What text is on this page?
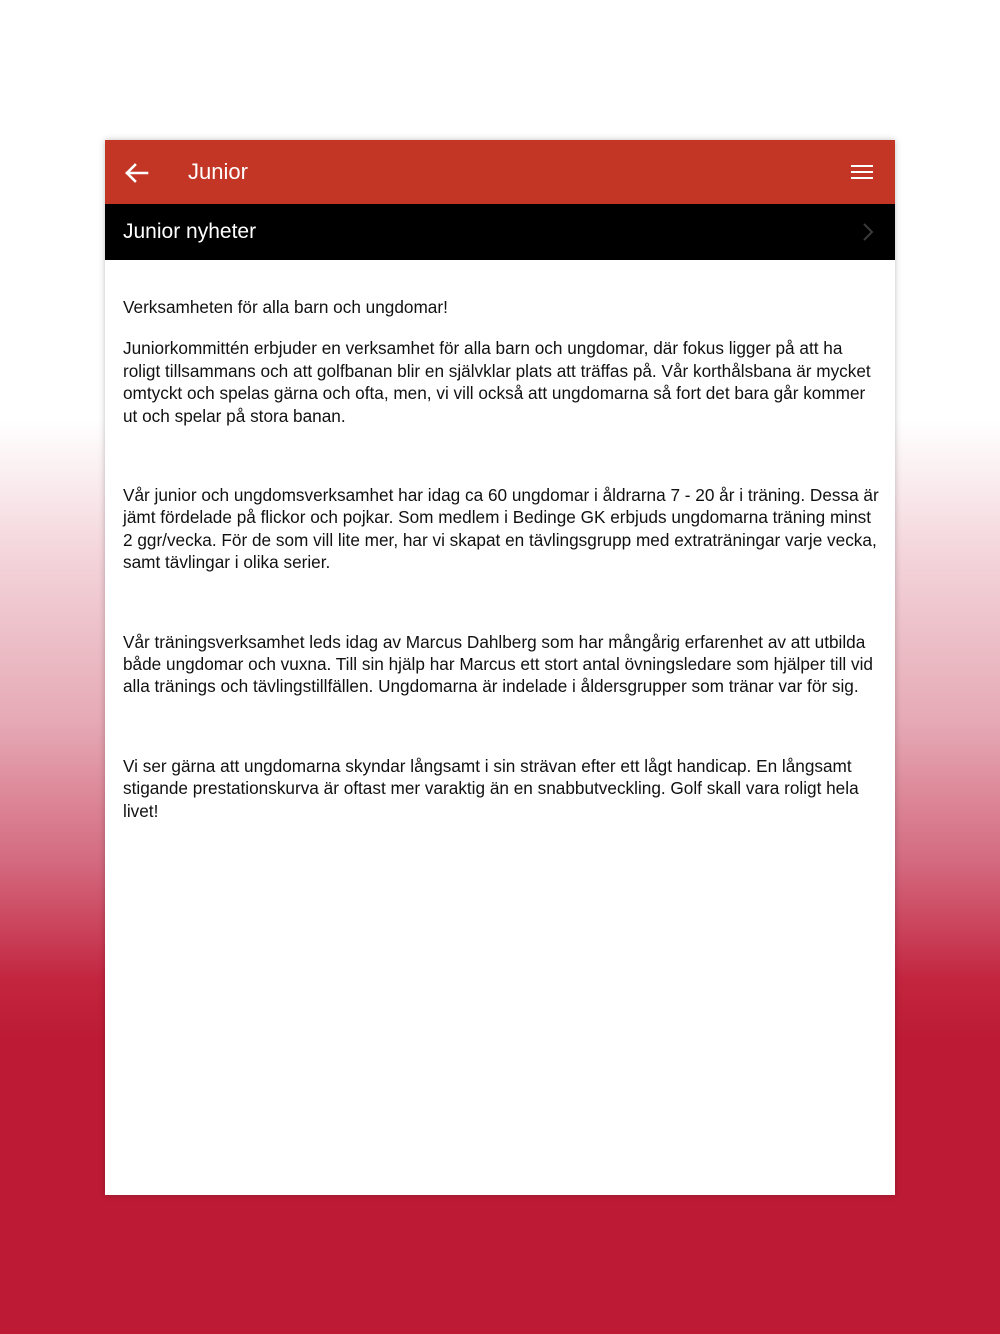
Junior
Junior nyheter

Verksamheten för alla barn och ungdomar!

Juniorkommittén erbjuder en verksamhet för alla barn och ungdomar, där fokus ligger på att ha roligt tillsammans och att golfbanan blir en självklar plats att träffas på. Vår korthålsbana är mycket omtyckt och spelas gärna och ofta, men, vi vill också att ungdomarna så fort det bara går kommer ut och spelar på stora banan.

Vår junior och ungdomsverksamhet har idag ca 60 ungdomar i åldrarna 7 - 20 år i träning. Dessa är jämt fördelade på flickor och pojkar. Som medlem i Bedinge GK erbjuds ungdomarna träning minst 2 ggr/vecka. För de som vill lite mer, har vi skapat en tävlingsgrupp med extraträningar varje vecka, samt tävlingar i olika serier.

Vår träningsverksamhet leds idag av Marcus Dahlberg som har mångårig erfarenhet av att utbilda både ungdomar och vuxna. Till sin hjälp har Marcus ett stort antal övningsledare som hjälper till vid alla tränings och tävlingstillfällen. Ungdomarna är indelade i åldersgrupper som tränar var för sig.

Vi ser gärna att ungdomarna skyndar långsamt i sin strävan efter ett lågt handicap. En långsamt stigande prestationskurva är oftast mer varaktig än en snabbutveckling. Golf skall vara roligt hela livet!
